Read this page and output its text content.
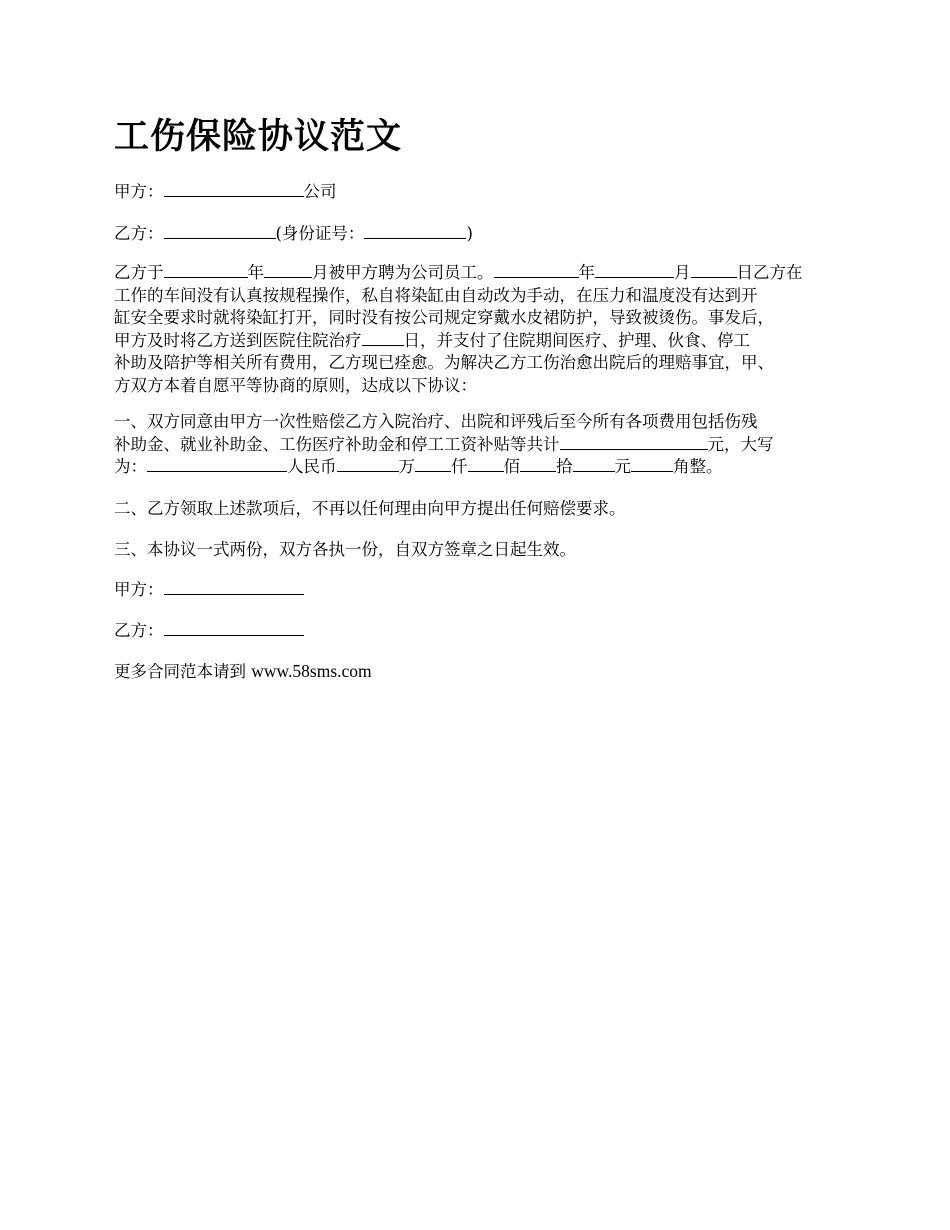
工伤保险协议范文
甲方：	公司
乙方：	(身份证号：	)
乙方于	年	月被甲方聘为公司员工。	年	月	日乙方在
工作的车间没有认真按规程操作，私自将染缸由自动改为手动，在压力和温度没有达到开
缸安全要求时就将染缸打开，同时没有按公司规定穿戴水皮裙防护，导致被烫伤。事发后，
甲方及时将乙方送到医院住院治疗	日，并支付了住院期间医疗、护理、伙食、停工
补助及陪护等相关所有费用，乙方现已痊愈。为解决乙方工伤治愈出院后的理赔事宜，甲、
方双方本着自愿平等协商的原则，达成以下协议：
一、双方同意由甲方一次性赔偿乙方入院治疗、出院和评残后至今所有各项费用包括伤残
补助金、就业补助金、工伤医疗补助金和停工工资补贴等共计	元，大写
为：	人民币	万 仟 佰 拾	元	角整。
二、乙方领取上述款项后，不再以任何理由向甲方提出任何赔偿要求。
三、本协议一式两份，双方各执一份，自双方签章之日起生效。
甲方：
乙方：
更多合同范本请到 www.58sms.com
